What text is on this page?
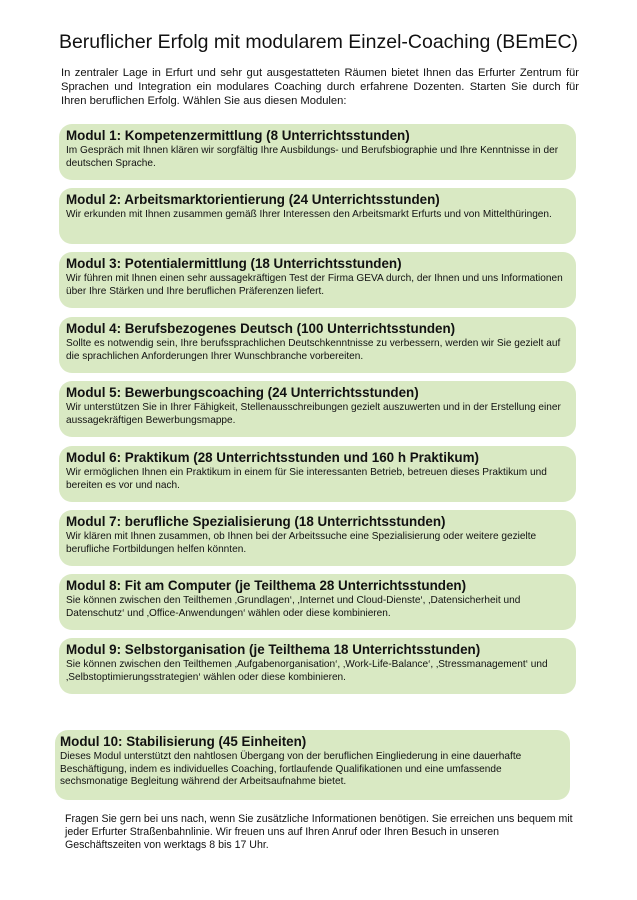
Beruflicher Erfolg mit modularem Einzel-Coaching (BEmEC)

In zentraler Lage in Erfurt und sehr gut ausgestatteten Räumen bietet Ihnen das Erfurter Zentrum für Sprachen und Integration ein modulares Coaching durch erfahrene Dozenten. Starten Sie durch für Ihren beruflichen Erfolg. Wählen Sie aus diesen Modulen:

Modul 1: Kompetenzermittlung (8 Unterrichtsstunden)

Im Gespräch mit Ihnen klären wir sorgfältig Ihre Ausbildungs- und Berufsbiographie und Ihre Kenntnisse in der deutschen Sprache.

Modul 2: Arbeitsmarktorientierung (24 Unterrichtsstunden)

Wir erkunden mit Ihnen zusammen gemäß Ihrer Interessen den Arbeitsmarkt Erfurts und von Mittelthüringen.

Modul 3: Potentialermittlung (18 Unterrichtsstunden)

Wir führen mit Ihnen einen sehr aussagekräftigen Test der Firma GEVA durch, der Ihnen und uns Informationen über Ihre Stärken und Ihre beruflichen Präferenzen liefert.

Modul 4: Berufsbezogenes Deutsch (100 Unterrichtsstunden)

Sollte es notwendig sein, Ihre berufssprachlichen Deutschkenntnisse zu verbessern, werden wir Sie gezielt auf die sprachlichen Anforderungen Ihrer Wunschbranche vorbereiten.

Modul 5: Bewerbungscoaching (24 Unterrichtsstunden)

Wir unterstützen Sie in Ihrer Fähigkeit, Stellenausschreibungen gezielt auszuwerten und in der Erstellung einer aussagekräftigen Bewerbungsmappe.

Modul 6: Praktikum (28 Unterrichtsstunden und 160 h Praktikum)

Wir ermöglichen Ihnen ein Praktikum in einem für Sie interessanten Betrieb, betreuen dieses Praktikum und bereiten es vor und nach.

Modul 7: berufliche Spezialisierung (18 Unterrichtsstunden)

Wir klären mit Ihnen zusammen, ob Ihnen bei der Arbeitssuche eine Spezialisierung oder weitere gezielte berufliche Fortbildungen helfen könnten.

Modul 8: Fit am Computer (je Teilthema 28 Unterrichtsstunden)

Sie können zwischen den Teilthemen ‚Grundlagen‘, ‚Internet und Cloud-Dienste‘, ‚Datensicherheit und Datenschutz‘ und ‚Office-Anwendungen‘ wählen oder diese kombinieren.

Modul 9: Selbstorganisation (je Teilthema 18 Unterrichtsstunden)

Sie können zwischen den Teilthemen ‚Aufgabenorganisation‘, ‚Work-Life-Balance‘, ‚Stressmanagement‘ und ‚Selbstoptimierungsstrategien‘ wählen oder diese kombinieren.

Modul 10: Stabilisierung (45 Einheiten)

Dieses Modul unterstützt den nahtlosen Übergang von der beruflichen Eingliederung in eine dauerhafte Beschäftigung, indem es individuelles Coaching, fortlaufende Qualifikationen und eine umfassende sechsmonatige Begleitung während der Arbeitsaufnahme bietet.

Fragen Sie gern bei uns nach, wenn Sie zusätzliche Informationen benötigen. Sie erreichen uns bequem mit jeder Erfurter Straßenbahnlinie. Wir freuen uns auf Ihren Anruf oder Ihren Besuch in unseren Geschäftszeiten von werktags 8 bis 17 Uhr.
